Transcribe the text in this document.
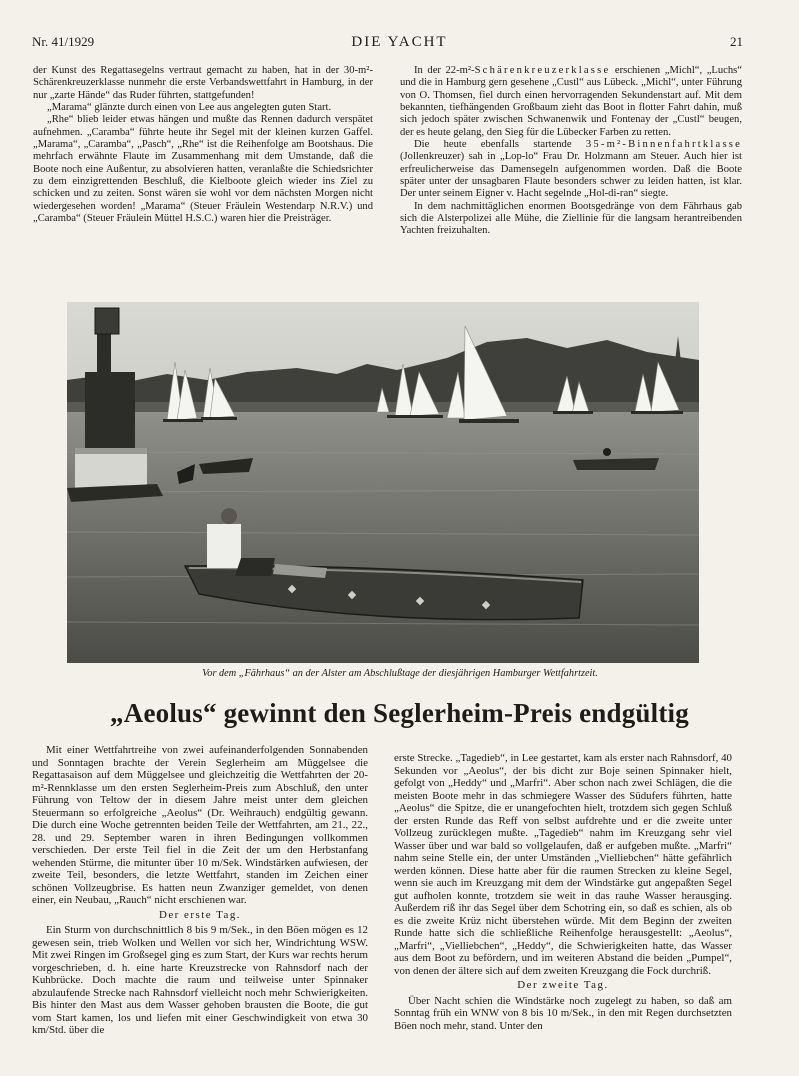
Nr. 41/1929	DIE YACHT	21

der Kunst des Regattasegelns vertraut gemacht zu haben, hat in der 30-m²-Schärenkreuzerklasse nunmehr die erste Verbandswettfahrt in Hamburg, in der nur „zarte Hände“ das Ruder führten, stattgefunden!

„Marama“ glänzte durch einen von Lee aus angelegten guten Start.

„Rhe“ blieb leider etwas hängen und mußte das Rennen dadurch verspätet aufnehmen. „Caramba“ führte heute ihr Segel mit der kleinen kurzen Gaffel. „Marama“, „Caramba“, „Pasch“, „Rhe“ ist die Reihenfolge am Bootshaus. Die mehrfach erwähnte Flaute im Zusammenhang mit dem Umstande, daß die Boote noch eine Außentur, zu absolvieren hatten, veranlaßte die Schiedsrichter zu dem einzigrettenden Beschluß, die Kielboote gleich wieder ins Ziel zu schicken und zu zeiten. Sonst wären sie wohl vor dem nächsten Morgen nicht wiedergesehen worden! „Marama“ (Steuer Fräulein Westendarp N.R.V.) und „Caramba“ (Steuer Fräulein Müttel H.S.C.) waren hier die Preisträger.

In der 22-m²-Schärenkreuzerklasse erschienen „Michl“, „Luchs“ und die in Hamburg gern gesehene „Custl“ aus Lübeck. „Michl“, unter Führung von O. Thomsen, fiel durch einen hervorragenden Sekundenstart auf. Mit dem bekannten, tiefhängenden Großbaum zieht das Boot in flotter Fahrt dahin, muß sich jedoch später zwischen Schwanenwik und Fontenay der „Custl“ beugen, der es heute gelang, den Sieg für die Lübecker Farben zu retten.

Die heute ebenfalls startende 35-m²-Binnenfahrtklasse (Jollenkreuzer) sah in „Lop-lo“ Frau Dr. Holzmann am Steuer. Auch hier ist erfreulicherweise das Damensegeln aufgenommen worden. Daß die Boote später unter der unsagbaren Flaute besonders schwer zu leiden hatten, ist klar. Der unter seinem Eigner v. Hacht segelnde „Hol-di-ran“ siegte.

In dem nachmittäglichen enormen Bootsgedränge von dem Fährhaus gab sich die Alsterpolizei alle Mühe, die Ziellinie für die langsam herantreibenden Yachten freizuhalten.

Vor dem „Fährhaus“ an der Alster am Abschlußtage der diesjährigen Hamburger Wettfahrtzeit.
„Aeolus“ gewinnt den Seglerheim-Preis endgültig

Mit einer Wettfahrtreihe von zwei aufeinanderfolgenden Sonnabenden und Sonntagen brachte der Verein Seglerheim am Müggelsee die Regattasaison auf dem Müggelsee und gleichzeitig die Wettfahrten der 20-m²-Rennklasse um den ersten Seglerheim-Preis zum Abschluß, den unter Führung von Teltow der in diesem Jahre meist unter dem gleichen Steuermann so erfolgreiche „Aeolus“ (Dr. Weihrauch) endgültig gewann. Die durch eine Woche getrennten beiden Teile der Wettfahrten, am 21., 22., 28. und 29. September waren in ihren Bedingungen vollkommen verschieden. Der erste Teil fiel in die Zeit der um den Herbstanfang wehenden Stürme, die mitunter über 10 m/Sek. Windstärken aufwiesen, der zweite Teil, besonders, die letzte Wettfahrt, standen im Zeichen einer schönen Vollzeugbrise. Es hatten neun Zwanziger gemeldet, von denen einer, ein Neubau, „Rauch“ nicht erschienen war.

Der erste Tag.

Ein Sturm von durchschnittlich 8 bis 9 m/Sek., in den Böen mögen es 12 gewesen sein, trieb Wolken und Wellen vor sich her, Windrichtung WSW. Mit zwei Ringen im Großsegel ging es zum Start, der Kurs war rechts herum vorgeschrieben, d. h. eine harte Kreuzstrecke von Rahnsdorf nach der Kuhbrücke. Doch machte die raum und teilweise unter Spinnaker abzulaufende Strecke nach Rahnsdorf vielleicht noch mehr Schwierigkeiten. Bis hinter den Mast aus dem Wasser gehoben brausten die Boote, die gut vom Start kamen, los und liefen mit einer Geschwindigkeit von etwa 30 km/Std. über die

erste Strecke. „Tagedieb“, in Lee gestartet, kam als erster nach Rahnsdorf, 40 Sekunden vor „Aeolus“, der bis dicht zur Boje seinen Spinnaker hielt, gefolgt von „Heddy“ und „Marfri“. Aber schon nach zwei Schlägen, die die meisten Boote mehr in das schmiegere Wasser des Südufers führten, hatte „Aeolus“ die Spitze, die er unangefochten hielt, trotzdem sich gegen Schluß der ersten Runde das Reff von selbst aufdrehte und er die zweite unter Vollzeug zurücklegen mußte. „Tagedieb“ nahm im Kreuzgang sehr viel Wasser über und war bald so vollgelaufen, daß er aufgeben mußte. „Marfri“ nahm seine Stelle ein, der unter Umständen „Vielliebchen“ hätte gefährlich werden können. Diese hatte aber für die raumen Strecken zu kleine Segel, wenn sie auch im Kreuzgang mit dem der Windstärke gut angepaßten Segel gut aufholen konnte, trotzdem sie weit in das rauhe Wasser herausging. Außerdem riß ihr das Segel über dem Schotring ein, so daß es schien, als ob es die zweite Krüz nicht überstehen würde. Mit dem Beginn der zweiten Runde hatte sich die schließliche Reihenfolge herausgestellt: „Aeolus“, „Marfri“, „Vielliebchen“, „Heddy“, die Schwierigkeiten hatte, das Wasser aus dem Boot zu befördern, und im weiteren Abstand die beiden „Pumpel“, von denen der ältere sich auf dem zweiten Kreuzgang die Fock durchriß.

Der zweite Tag.

Über Nacht schien die Windstärke noch zugelegt zu haben, so daß am Sonntag früh ein WNW von 8 bis 10 m/Sek., in den mit Regen durchsetzten Böen noch mehr, stand. Unter den
